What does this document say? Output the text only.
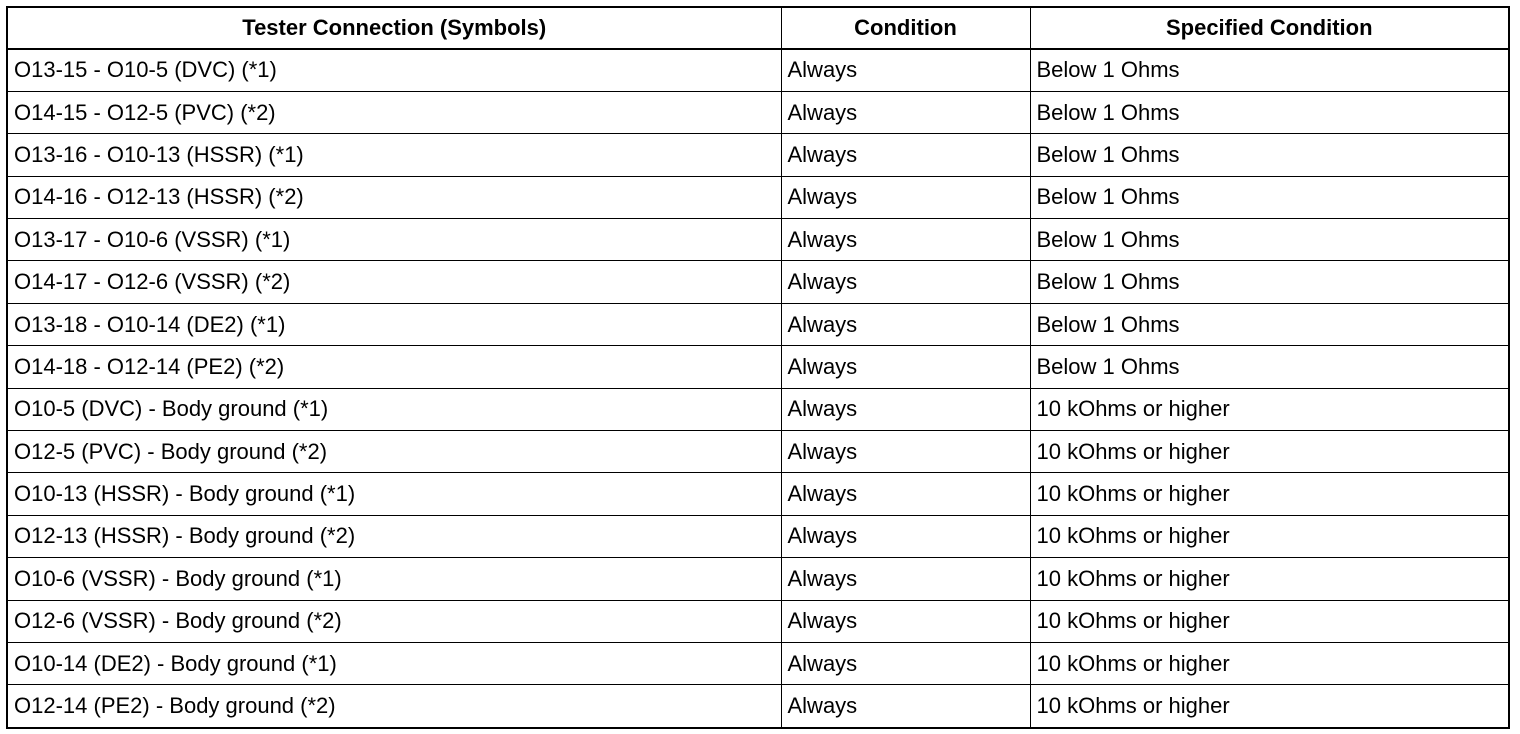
Tester Connection (Symbols)	Condition	Specified Condition
O13-15 - O10-5 (DVC) (*1)	Always	Below 1 Ohms
O14-15 - O12-5 (PVC) (*2)	Always	Below 1 Ohms
O13-16 - O10-13 (HSSR) (*1)	Always	Below 1 Ohms
O14-16 - O12-13 (HSSR) (*2)	Always	Below 1 Ohms
O13-17 - O10-6 (VSSR) (*1)	Always	Below 1 Ohms
O14-17 - O12-6 (VSSR) (*2)	Always	Below 1 Ohms
O13-18 - O10-14 (DE2) (*1)	Always	Below 1 Ohms
O14-18 - O12-14 (PE2) (*2)	Always	Below 1 Ohms
O10-5 (DVC) - Body ground (*1)	Always	10 kOhms or higher
O12-5 (PVC) - Body ground (*2)	Always	10 kOhms or higher
O10-13 (HSSR) - Body ground (*1)	Always	10 kOhms or higher
O12-13 (HSSR) - Body ground (*2)	Always	10 kOhms or higher
O10-6 (VSSR) - Body ground (*1)	Always	10 kOhms or higher
O12-6 (VSSR) - Body ground (*2)	Always	10 kOhms or higher
O10-14 (DE2) - Body ground (*1)	Always	10 kOhms or higher
O12-14 (PE2) - Body ground (*2)	Always	10 kOhms or higher
